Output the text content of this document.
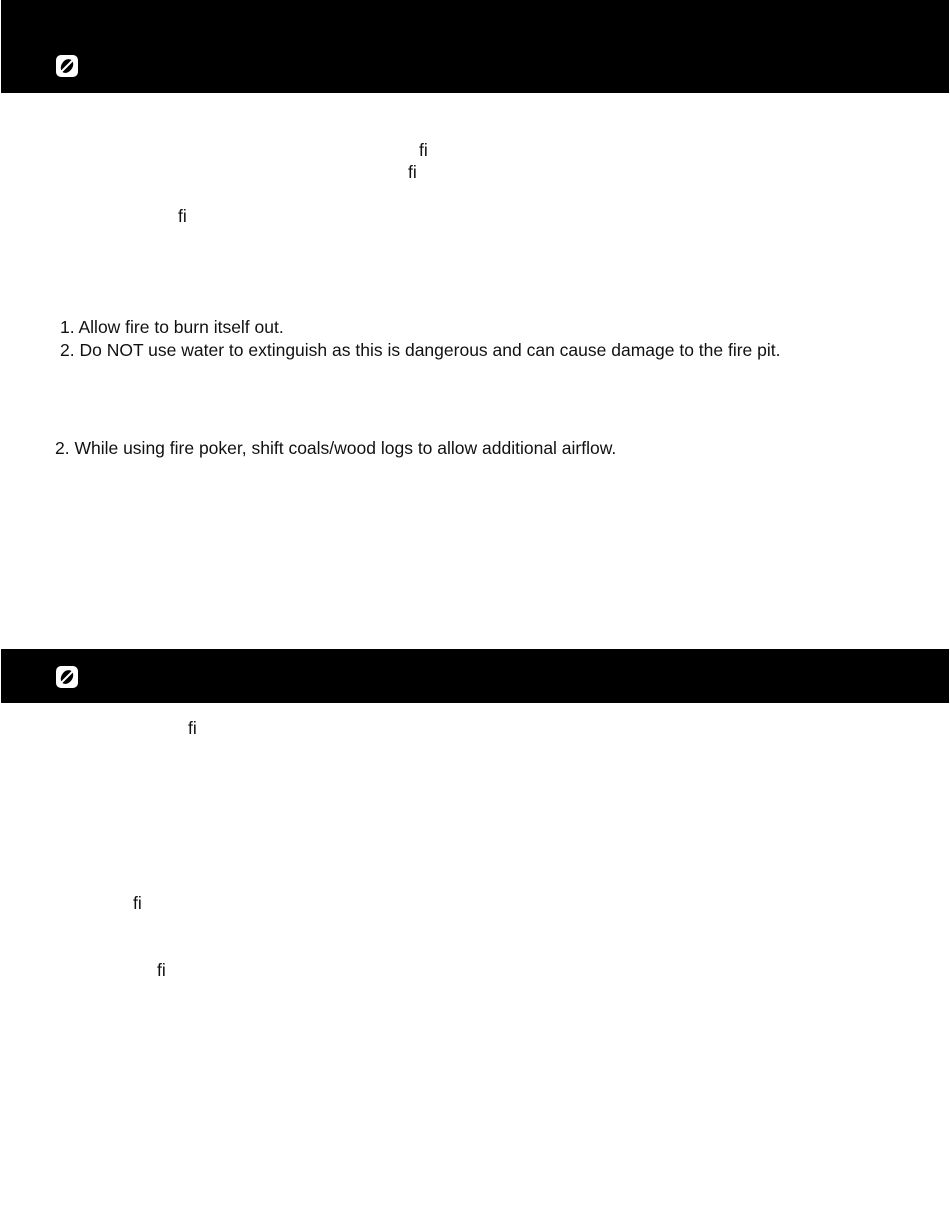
fi
fi
fi
1. Allow fire to burn itself out.
2. Do NOT use water to extinguish as this is dangerous and can cause damage to the fire pit.
2. While using fire poker, shift coals/wood logs to allow additional airflow.
fi
fi
fi
